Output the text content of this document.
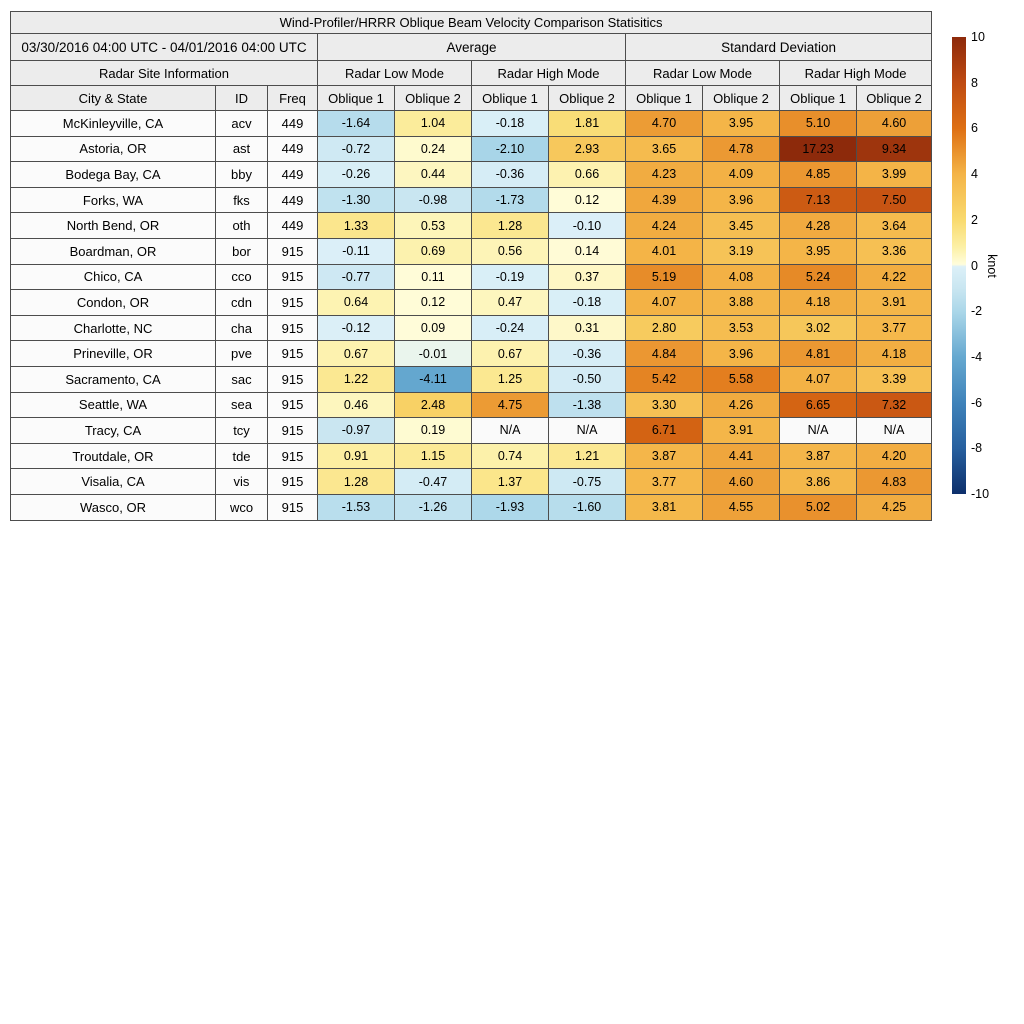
Wind-Profiler/HRRR Oblique Beam Velocity Comparison Statisitics										
03/30/2016 04:00 UTC - 04/01/2016 04:00 UTC			Average				Standard Deviation			
Radar Site Information			Radar Low Mode		Radar High Mode		Radar Low Mode		Radar High Mode	
City & State	ID	Freq	Oblique 1	Oblique 2	Oblique 1	Oblique 2	Oblique 1	Oblique 2	Oblique 1	Oblique 2
McKinleyville, CA	acv	449	-1.64	1.04	-0.18	1.81	4.70	3.95	5.10	4.60
Astoria, OR	ast	449	-0.72	0.24	-2.10	2.93	3.65	4.78	17.23	9.34
Bodega Bay, CA	bby	449	-0.26	0.44	-0.36	0.66	4.23	4.09	4.85	3.99
Forks, WA	fks	449	-1.30	-0.98	-1.73	0.12	4.39	3.96	7.13	7.50
North Bend, OR	oth	449	1.33	0.53	1.28	-0.10	4.24	3.45	4.28	3.64
Boardman, OR	bor	915	-0.11	0.69	0.56	0.14	4.01	3.19	3.95	3.36
Chico, CA	cco	915	-0.77	0.11	-0.19	0.37	5.19	4.08	5.24	4.22
Condon, OR	cdn	915	0.64	0.12	0.47	-0.18	4.07	3.88	4.18	3.91
Charlotte, NC	cha	915	-0.12	0.09	-0.24	0.31	2.80	3.53	3.02	3.77
Prineville, OR	pve	915	0.67	-0.01	0.67	-0.36	4.84	3.96	4.81	4.18
Sacramento, CA	sac	915	1.22	-4.11	1.25	-0.50	5.42	5.58	4.07	3.39
Seattle, WA	sea	915	0.46	2.48	4.75	-1.38	3.30	4.26	6.65	7.32
Tracy, CA	tcy	915	-0.97	0.19	N/A	N/A	6.71	3.91	N/A	N/A
Troutdale, OR	tde	915	0.91	1.15	0.74	1.21	3.87	4.41	3.87	4.20
Visalia, CA	vis	915	1.28	-0.47	1.37	-0.75	3.77	4.60	3.86	4.83
Wasco, OR	wco	915	-1.53	-1.26	-1.93	-1.60	3.81	4.55	5.02	4.25
10
8
6
4
2
0
-2
-4
-6
-8
-10
knot
